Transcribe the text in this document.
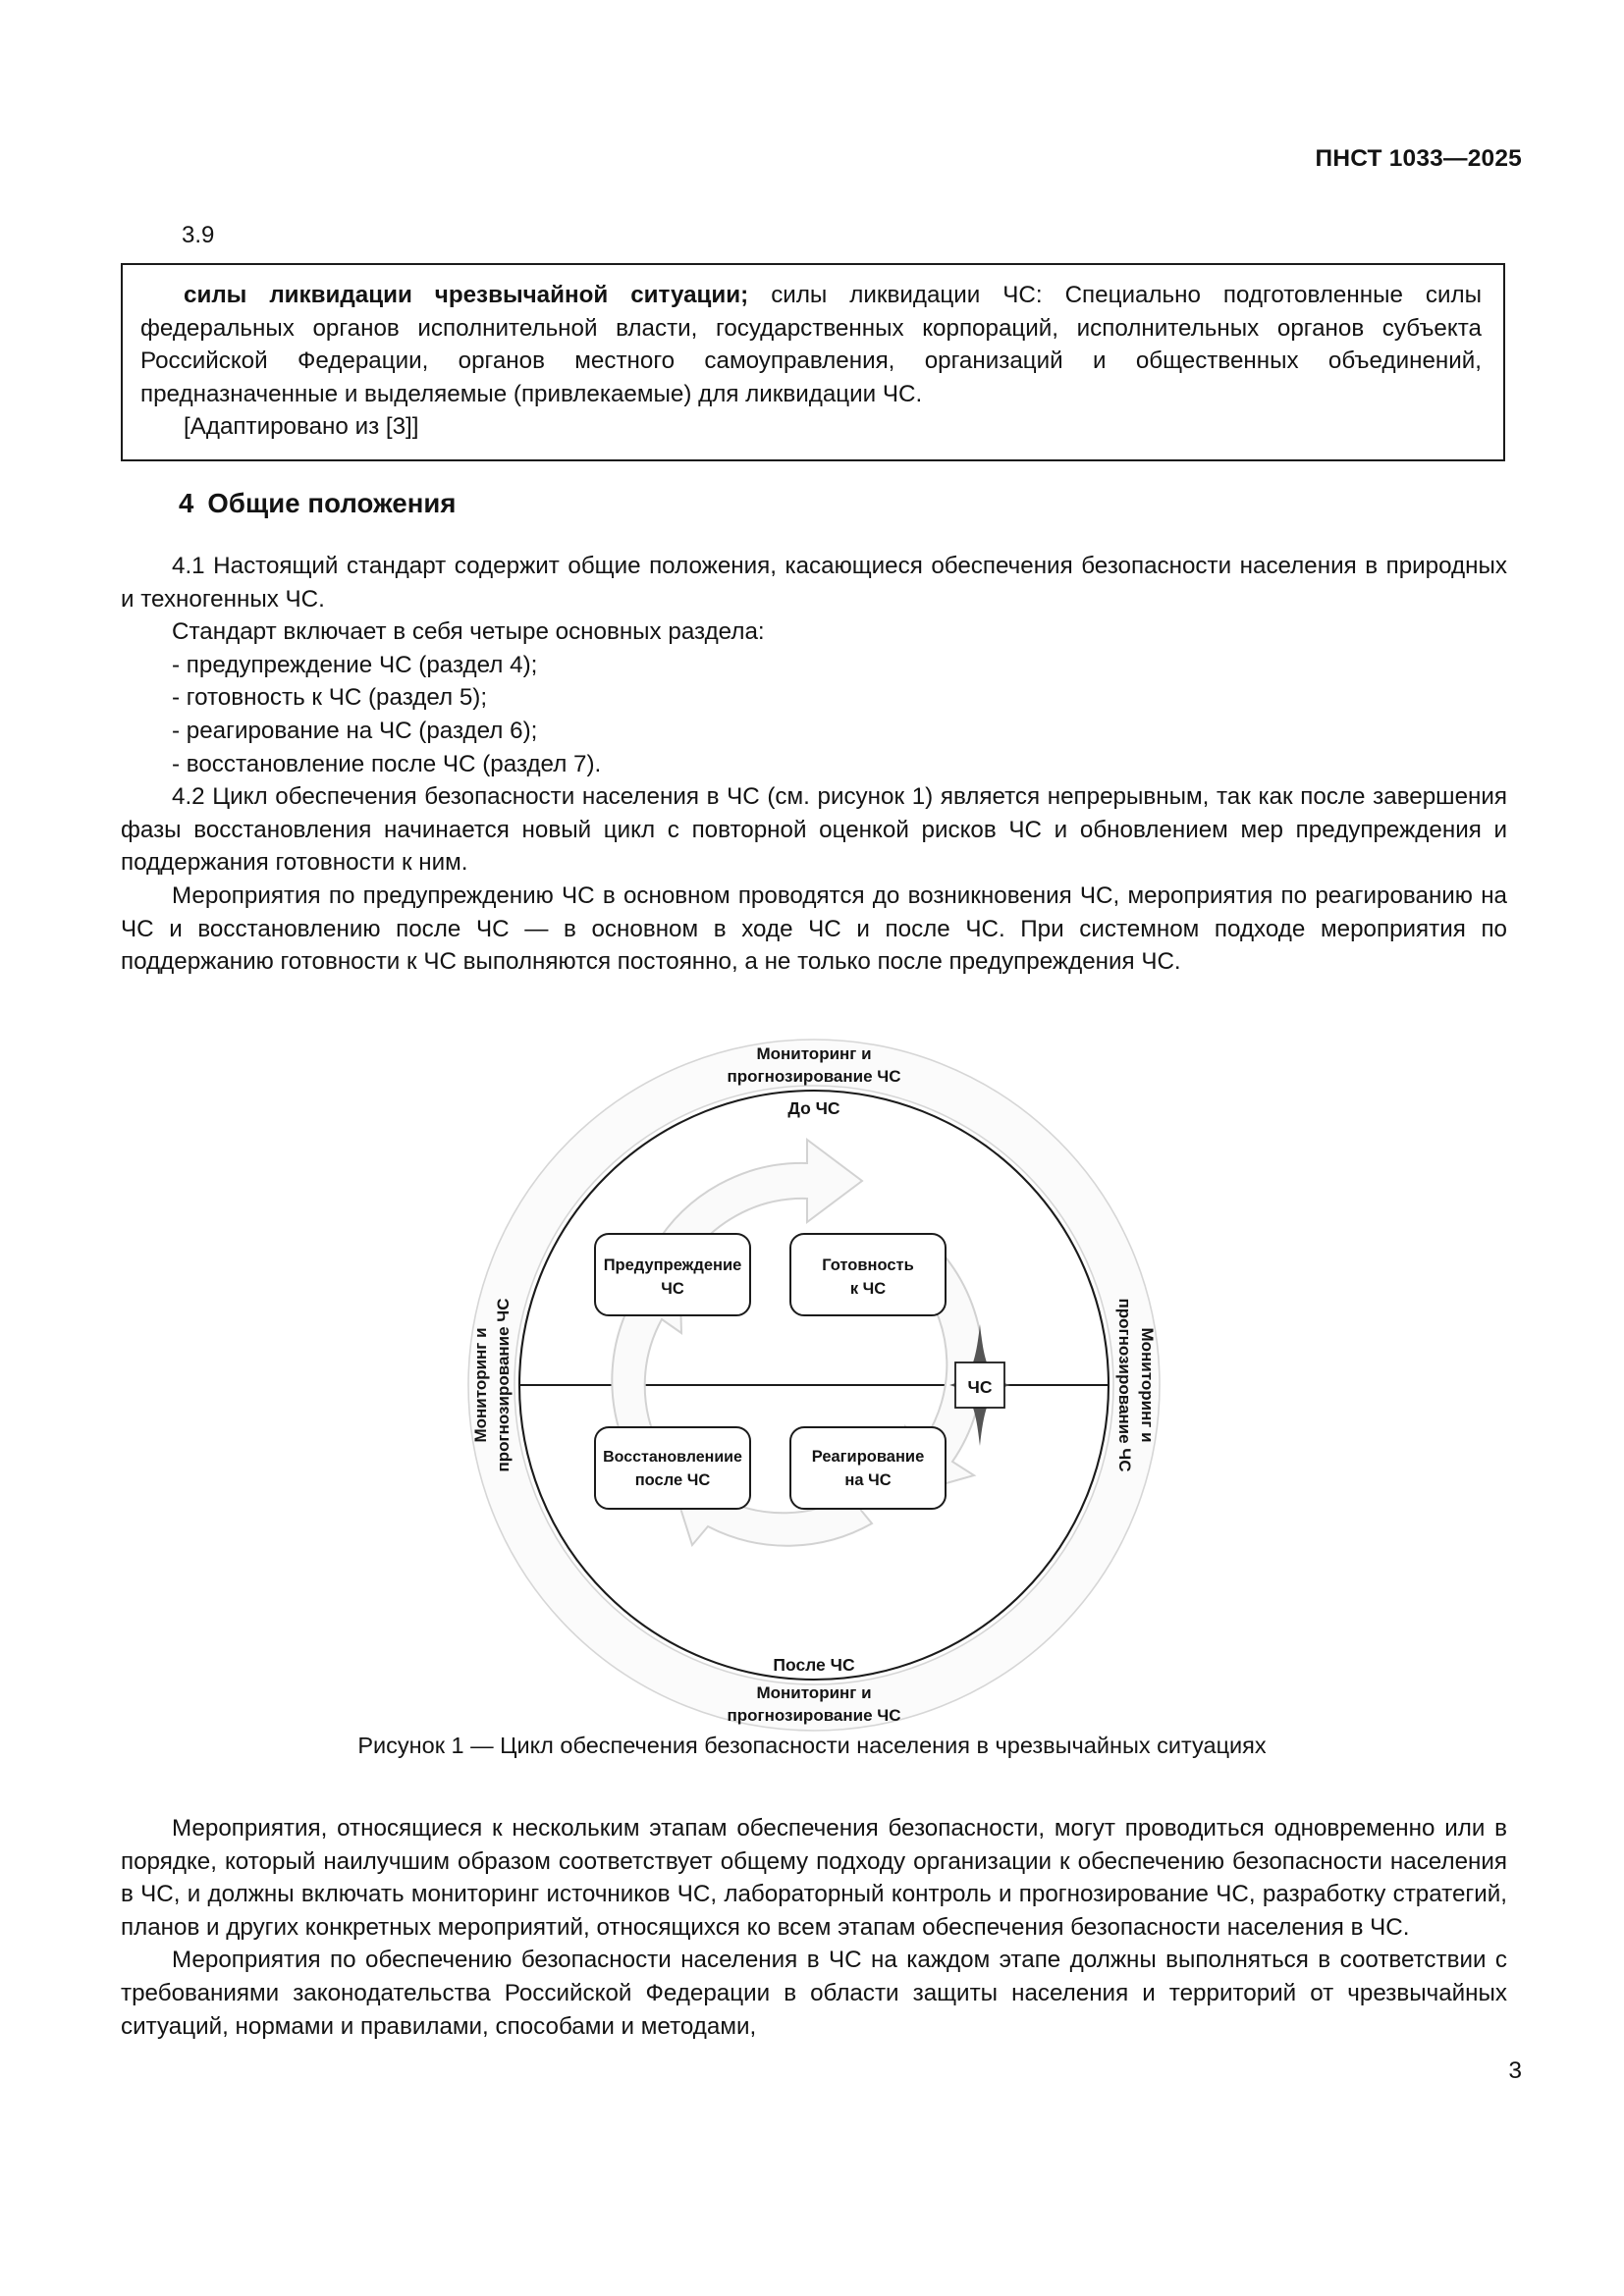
ПНСТ 1033—2025
3.9

силы ликвидации чрезвычайной ситуации; силы ликвидации ЧС: Специально подготовленные силы федеральных органов исполнительной власти, государственных корпораций, исполнительных органов субъекта Российской Федерации, органов местного самоуправления, организаций и общественных объединений, предназначенные и выделяемые (привлекаемые) для ликвидации ЧС.

[Адаптировано из [3]]

4 Общие положения

4.1 Настоящий стандарт содержит общие положения, касающиеся обеспечения безопасности населения в природных и техногенных ЧС.

Стандарт включает в себя четыре основных раздела:

- предупреждение ЧС (раздел 4);

- готовность к ЧС (раздел 5);

- реагирование на ЧС (раздел 6);

- восстановление после ЧС (раздел 7).

4.2 Цикл обеспечения безопасности населения в ЧС (см. рисунок 1) является непрерывным, так как после завершения фазы восстановления начинается новый цикл с повторной оценкой рисков ЧС и обновлением мер предупреждения и поддержания готовности к ним.

Мероприятия по предупреждению ЧС в основном проводятся до возникновения ЧС, мероприятия по реагированию на ЧС и восстановлению после ЧС — в основном в ходе ЧС и после ЧС. При системном подходе мероприятия по поддержанию готовности к ЧС выполняются постоянно, а не только после предупреждения ЧС.

До ЧС
После ЧС
Мониторинг и
прогнозирование ЧС
Мониторинг и
прогнозирование ЧС
Мониторинг и прогнозирование ЧС	Мониторинг и
прогнозирование ЧС
Предупреждение
ЧС
Готовность
к ЧС
Восстановлениие
после ЧС
Реагирование
на ЧС
ЧС
Рисунок 1 — Цикл обеспечения безопасности населения в чрезвычайных ситуациях

Мероприятия, относящиеся к нескольким этапам обеспечения безопасности, могут проводиться одновременно или в порядке, который наилучшим образом соответствует общему подходу организации к обеспечению безопасности населения в ЧС, и должны включать мониторинг источников ЧС, лабораторный контроль и прогнозирование ЧС, разработку стратегий, планов и других конкретных мероприятий, относящихся ко всем этапам обеспечения безопасности населения в ЧС.

Мероприятия по обеспечению безопасности населения в ЧС на каждом этапе должны выполняться в соответствии с требованиями законодательства Российской Федерации в области защиты населения и территорий от чрезвычайных ситуаций, нормами и правилами, способами и методами,

3
